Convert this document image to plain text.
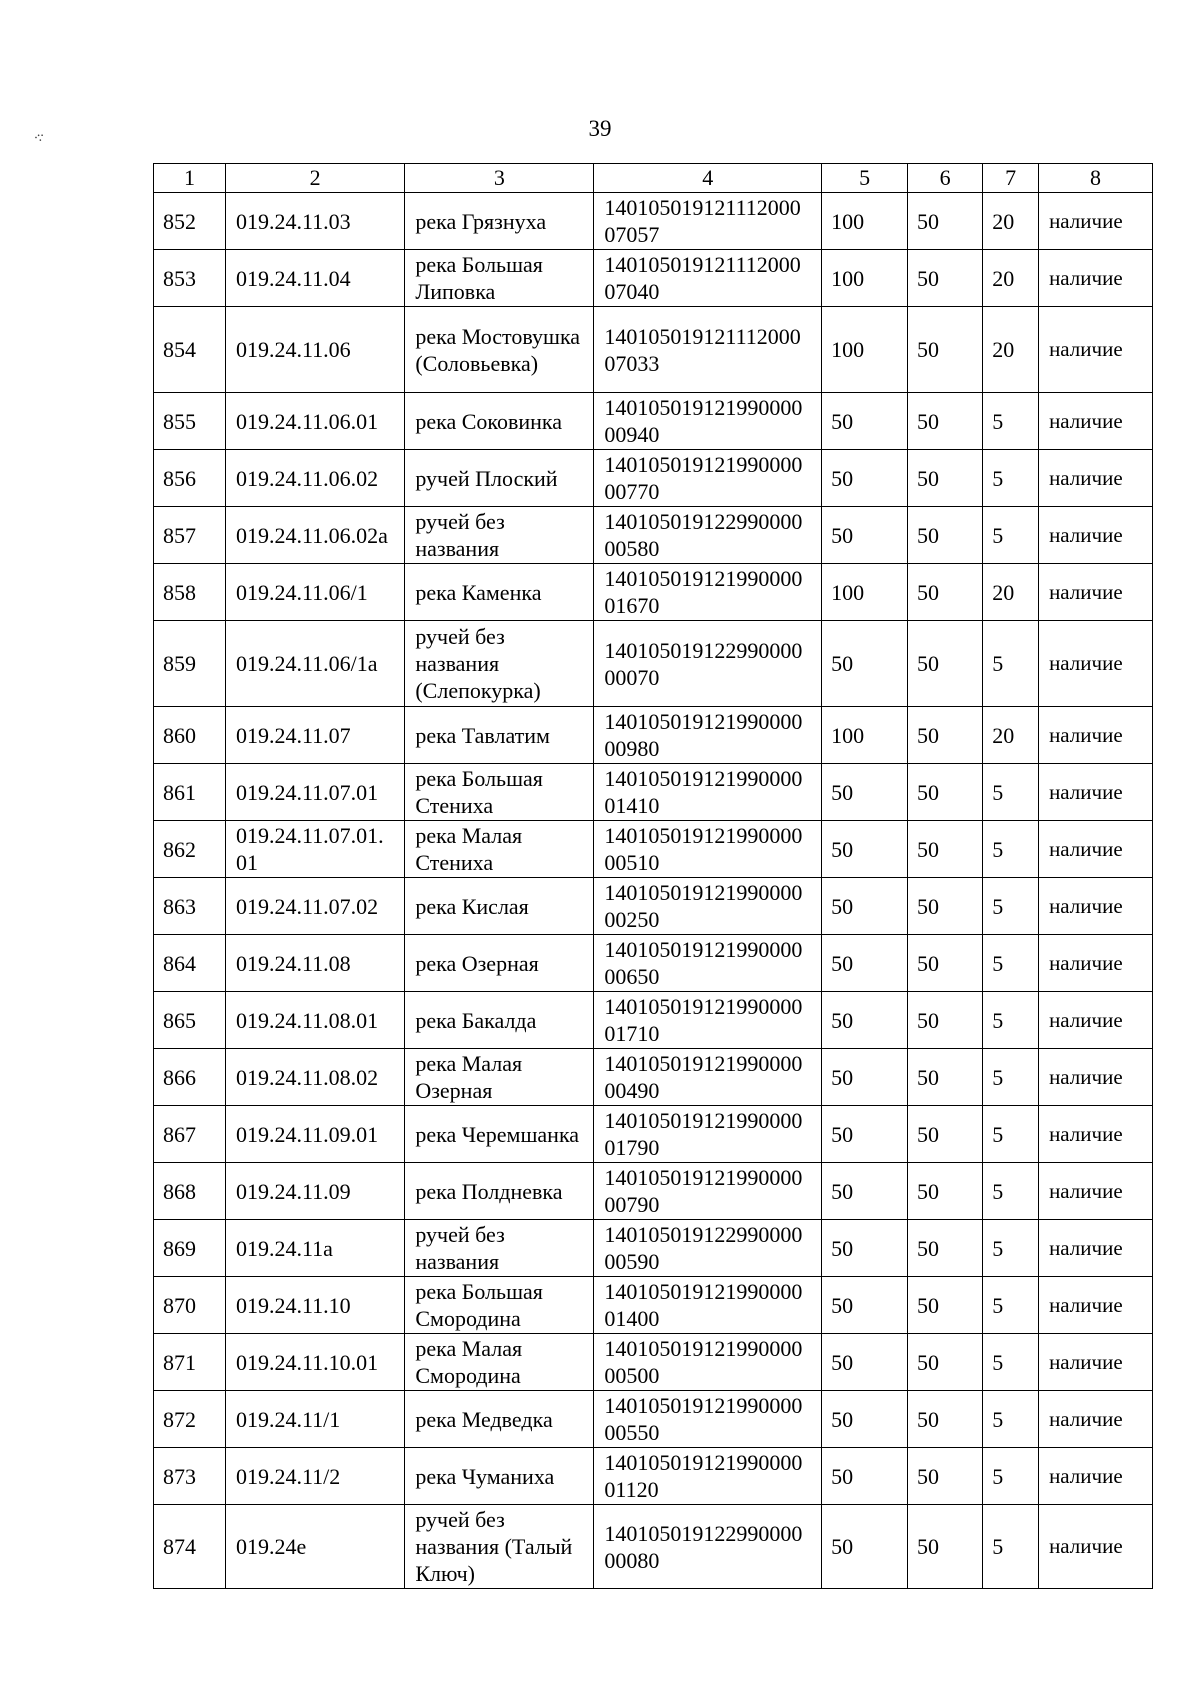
·:·	39
1	2	3	4	5	6	7	8
852	019.24.11.03	река Грязнуха	14010501912111200007057	100	50	20	наличие
853	019.24.11.04	река Большая Липовка	14010501912111200007040	100	50	20	наличие
854	019.24.11.06	река Мостовушка (Соловьевка)	14010501912111200007033	100	50	20	наличие
855	019.24.11.06.01	река Соковинка	14010501912199000000940	50	50	5	наличие
856	019.24.11.06.02	ручей Плоский	14010501912199000000770	50	50	5	наличие
857	019.24.11.06.02а	ручей без названия	14010501912299000000580	50	50	5	наличие
858	019.24.11.06/1	река Каменка	14010501912199000001670	100	50	20	наличие
859	019.24.11.06/1а	ручей без названия (Слепокурка)	14010501912299000000070	50	50	5	наличие
860	019.24.11.07	река Тавлатим	14010501912199000000980	100	50	20	наличие
861	019.24.11.07.01	река Большая Стениха	14010501912199000001410	50	50	5	наличие
862	019.24.11.07.01.01	река Малая Стениха	14010501912199000000510	50	50	5	наличие
863	019.24.11.07.02	река Кислая	14010501912199000000250	50	50	5	наличие
864	019.24.11.08	река Озерная	14010501912199000000650	50	50	5	наличие
865	019.24.11.08.01	река Бакалда	14010501912199000001710	50	50	5	наличие
866	019.24.11.08.02	река Малая Озерная	14010501912199000000490	50	50	5	наличие
867	019.24.11.09.01	река Черемшанка	14010501912199000001790	50	50	5	наличие
868	019.24.11.09	река Полдневка	14010501912199000000790	50	50	5	наличие
869	019.24.11а	ручей без названия	14010501912299000000590	50	50	5	наличие
870	019.24.11.10	река Большая Смородина	14010501912199000001400	50	50	5	наличие
871	019.24.11.10.01	река Малая Смородина	14010501912199000000500	50	50	5	наличие
872	019.24.11/1	река Медведка	14010501912199000000550	50	50	5	наличие
873	019.24.11/2	река Чуманиха	14010501912199000001120	50	50	5	наличие
874	019.24е	ручей без названия (Талый Ключ)	14010501912299000000080	50	50	5	наличие
